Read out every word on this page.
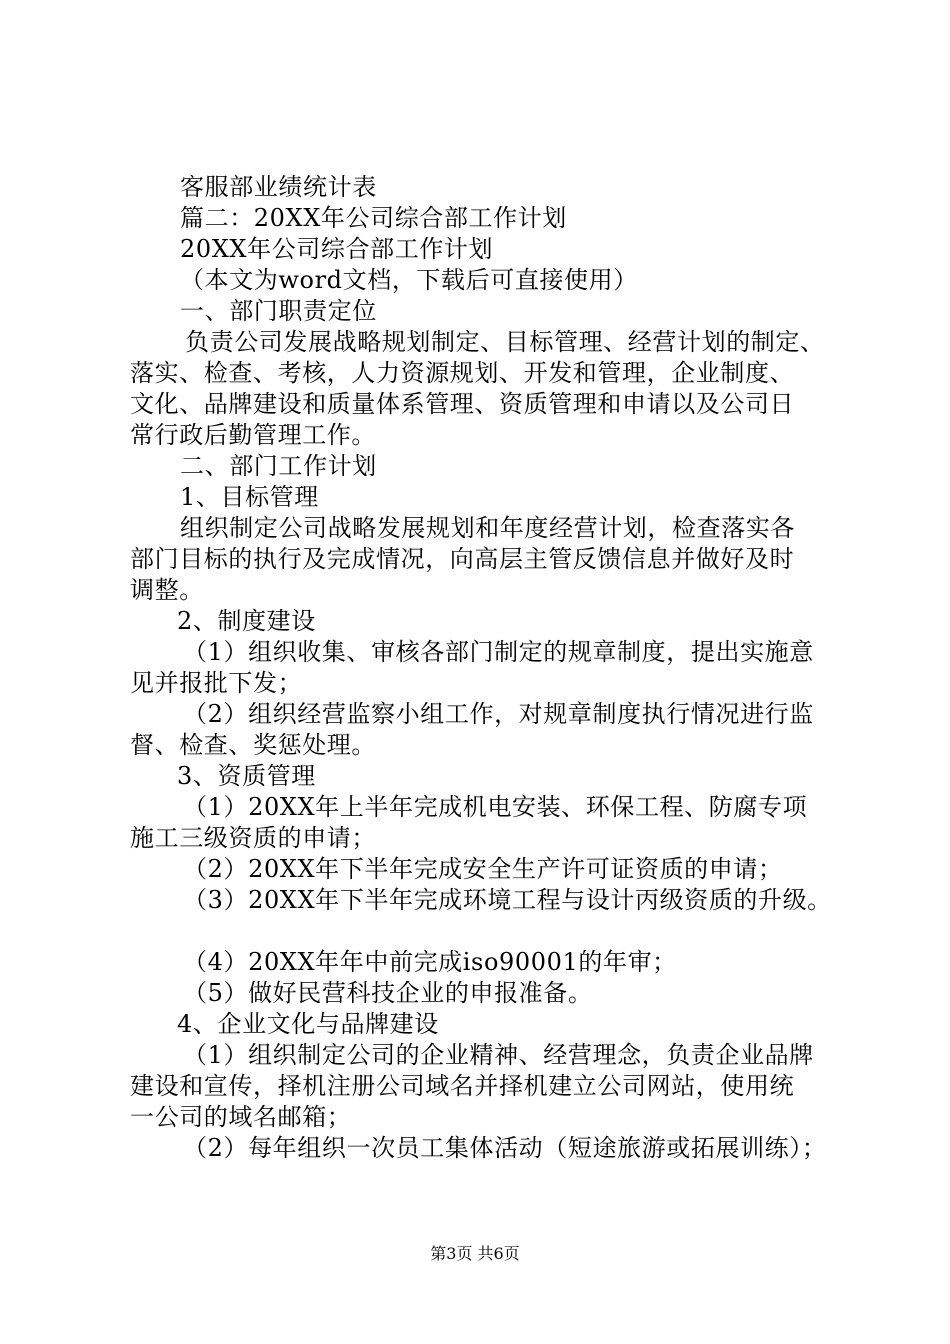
客服部业绩统计表
篇二：20XX年公司综合部工作计划
20XX年公司综合部工作计划
（本文为word文档，下载后可直接使用）
一、部门职责定位
负责公司发展战略规划制定、目标管理、经营计划的制定、
落实、检查、考核，人力资源规划、开发和管理，企业制度、
文化、品牌建设和质量体系管理、资质管理和申请以及公司日
常行政后勤管理工作。
二、部门工作计划
1、目标管理
组织制定公司战略发展规划和年度经营计划，检查落实各
部门目标的执行及完成情况，向高层主管反馈信息并做好及时
调整。
2、制度建设
（1）组织收集、审核各部门制定的规章制度，提出实施意
见并报批下发；
（2）组织经营监察小组工作，对规章制度执行情况进行监
督、检查、奖惩处理。
3、资质管理
（1）20XX年上半年完成机电安装、环保工程、防腐专项
施工三级资质的申请；
（2）20XX年下半年完成安全生产许可证资质的申请；
（3）20XX年下半年完成环境工程与设计丙级资质的升级。
（4）20XX年年中前完成iso90001的年审；
（5）做好民营科技企业的申报准备。
4、企业文化与品牌建设
（1）组织制定公司的企业精神、经营理念，负责企业品牌
建设和宣传，择机注册公司域名并择机建立公司网站，使用统
一公司的域名邮箱；
（2）每年组织一次员工集体活动（短途旅游或拓展训练）；
第3页 共6页
